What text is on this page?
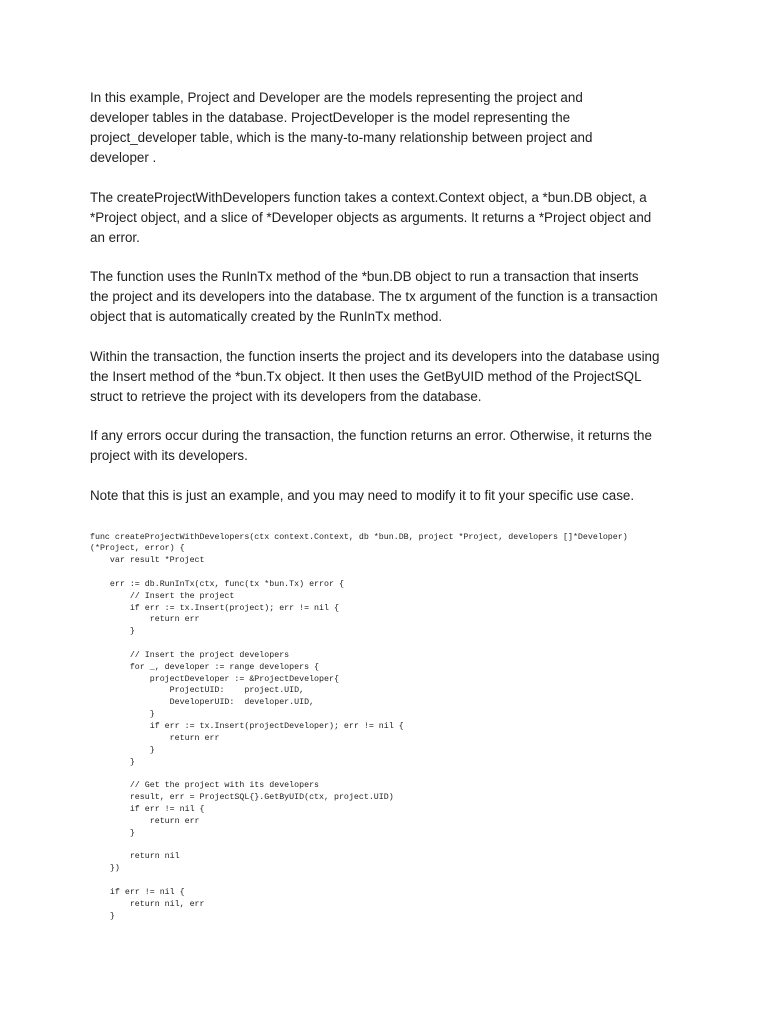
In this example, Project and Developer are the models representing the project and
developer tables in the database. ProjectDeveloper is the model representing the
project_developer table, which is the many-to-many relationship between project and
developer .

The createProjectWithDevelopers function takes a context.Context object, a *bun.DB object, a
*Project object, and a slice of *Developer objects as arguments. It returns a *Project object and
an error.

The function uses the RunInTx method of the *bun.DB object to run a transaction that inserts
the project and its developers into the database. The tx argument of the function is a transaction
object that is automatically created by the RunInTx method.

Within the transaction, the function inserts the project and its developers into the database using
the Insert method of the *bun.Tx object. It then uses the GetByUID method of the ProjectSQL
struct to retrieve the project with its developers from the database.

If any errors occur during the transaction, the function returns an error. Otherwise, it returns the
project with its developers.

Note that this is just an example, and you may need to modify it to fit your specific use case.

func createProjectWithDevelopers(ctx context.Context, db *bun.DB, project *Project, developers []*Developer)
(*Project, error) {
var result *Project

err := db.RunInTx(ctx, func(tx *bun.Tx) error {
// Insert the project
if err := tx.Insert(project); err != nil {
return err
}

// Insert the project developers
for _, developer := range developers {
projectDeveloper := &ProjectDeveloper{
ProjectUID:    project.UID,
DeveloperUID:  developer.UID,
}
if err := tx.Insert(projectDeveloper); err != nil {
return err
}
}

// Get the project with its developers
result, err = ProjectSQL{}.GetByUID(ctx, project.UID)
if err != nil {
return err
}

return nil
})

if err != nil {
return nil, err
}
